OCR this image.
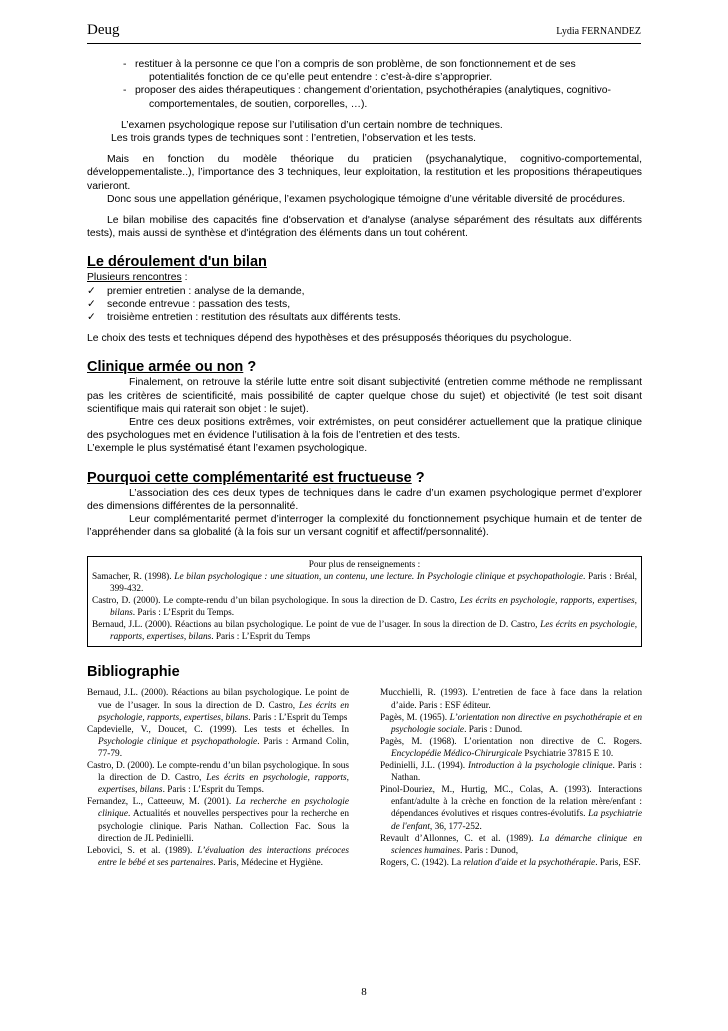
Deug	Lydia FERNANDEZ
- restituer à la personne ce que l’on a compris de son problème, de son fonctionnement et de ses
potentialités fonction de ce qu’elle peut entendre : c’est-à-dire s’approprier.
- proposer des aides thérapeutiques : changement d’orientation, psychothérapies (analytiques, cognitivo-
comportementales, de soutien, corporelles, …).

L’examen psychologique repose sur l’utilisation d’un certain nombre de techniques.

Les trois grands types de techniques sont : l’entretien, l’observation et les tests.

Mais en fonction du modèle théorique du praticien (psychanalytique, cognitivo-comportemental, développementaliste..), l’importance des 3 techniques, leur exploitation, la restitution et les propositions thérapeutiques varieront.

Donc sous une appellation générique, l’examen psychologique témoigne d’une véritable diversité de procédures.

Le bilan mobilise des capacités fine d'observation et d'analyse (analyse séparément des résultats aux différents tests), mais aussi de synthèse et d'intégration des éléments dans un tout cohérent.

Le déroulement d'un bilan

Plusieurs rencontres :

✓	premier entretien : analyse de la demande,
✓	seconde entrevue : passation des tests,
✓	troisième entretien : restitution des résultats aux différents tests.

Le choix des tests et techniques dépend des hypothèses et des présupposés théoriques du psychologue.

Clinique armée ou non ?

Finalement, on retrouve la stérile lutte entre soit disant subjectivité (entretien comme méthode ne remplissant pas les critères de scientificité, mais possibilité de capter quelque chose du sujet) et objectivité (le test soit disant scientifique mais qui raterait son objet : le sujet).

Entre ces deux positions extrêmes, voir extrémistes, on peut considérer actuellement que la pratique clinique des psychologues met en évidence l’utilisation à la fois de l’entretien et des tests.

L’exemple le plus systématisé étant l’examen psychologique.

Pourquoi cette complémentarité est fructueuse ?

L’association des ces deux types de techniques dans le cadre d’un examen psychologique permet d’explorer des dimensions différentes de la personnalité.

Leur complémentarité permet d’interroger la complexité du fonctionnement psychique humain et de tenter de l’appréhender dans sa globalité (à la fois sur un versant cognitif et affectif/personnalité).

Pour plus de renseignements :
Samacher, R. (1998). Le bilan psychologique : une situation, un contenu, une lecture. In Psychologie clinique et psychopathologie. Paris : Bréal, 399-432.
Castro, D. (2000). Le compte-rendu d’un bilan psychologique. In sous la direction de D. Castro, Les écrits en psychologie, rapports, expertises, bilans. Paris : L’Esprit du Temps.
Bernaud, J.L. (2000). Réactions au bilan psychologique. Le point de vue de l’usager. In sous la direction de D. Castro, Les écrits en psychologie, rapports, expertises, bilans. Paris : L’Esprit du Temps
Bibliographie
Bernaud, J.L. (2000). Réactions au bilan psychologique. Le point de vue de l’usager. In sous la direction de D. Castro, Les écrits en psychologie, rapports, expertises, bilans. Paris : L’Esprit du Temps
Capdevielle, V., Doucet, C. (1999). Les tests et échelles. In Psychologie clinique et psychopathologie. Paris : Armand Colin, 77-79.
Castro, D. (2000). Le compte-rendu d’un bilan psychologique. In sous la direction de D. Castro, Les écrits en psychologie, rapports, expertises, bilans. Paris : L’Esprit du Temps.
Fernandez, L., Catteeuw, M. (2001). La recherche en psychologie clinique. Actualités et nouvelles perspectives pour la recherche en psychologie clinique. Paris Nathan. Collection Fac. Sous la direction de JL Pedinielli.
Lebovici, S. et al. (1989). L’évaluation des interactions précoces entre le bébé et ses partenaires. Paris, Médecine et Hygiène.
Mucchielli, R. (1993). L’entretien de face à face dans la relation d’aide. Paris : ESF éditeur.
Pagès, M. (1965). L’orientation non directive en psychothérapie et en psychologie sociale. Paris : Dunod.
Pagès, M. (1968). L’orientation non directive de C. Rogers. Encyclopédie Médico-Chirurgicale Psychiatrie 37815 E 10.
Pedinielli, J.L. (1994). Introduction à la psychologie clinique. Paris : Nathan.
Pinol-Douriez, M., Hurtig, MC., Colas, A. (1993). Interactions enfant/adulte à la crèche en fonction de la relation mère/enfant : dépendances évolutives et risques contres-évolutifs. La psychiatrie de l'enfant, 36, 177-252.
Revault d’Allonnes, C. et al. (1989). La démarche clinique en sciences humaines. Paris : Dunod,
Rogers, C. (1942). La relation d'aide et la psychothérapie. Paris, ESF.
8
